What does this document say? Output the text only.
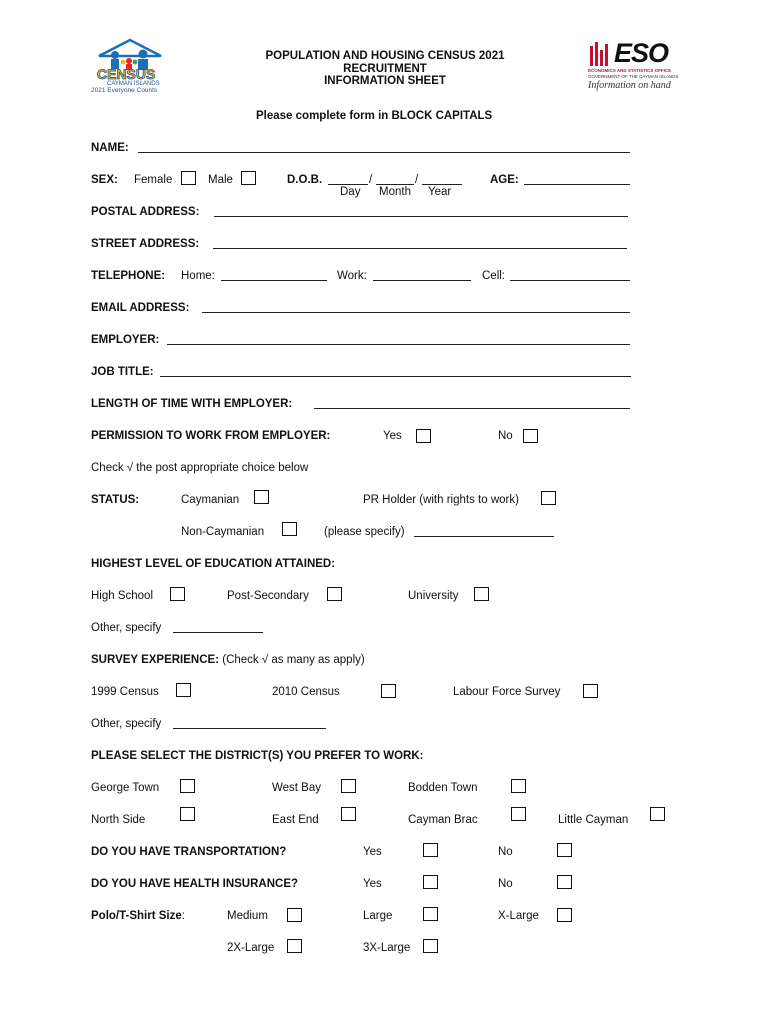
CENSUS
CAYMAN ISLANDS
2021 Everyone Counts
POPULATION AND HOUSING CENSUS 2021
RECRUITMENT
INFORMATION SHEET
ESO
ECONOMICS AND STATISTICS OFFICE
GOVERNMENT OF THE CAYMAN ISLANDS
Information on hand
Please complete form in BLOCK CAPITALS
NAME:
SEX: Female	Male	D.O.B.	/	/
Day Month Year
AGE:
POSTAL ADDRESS:
STREET ADDRESS:
TELEPHONE: Home:	Work:	Cell:
EMAIL ADDRESS:
EMPLOYER:
JOB TITLE:
LENGTH OF TIME WITH EMPLOYER:
PERMISSION TO WORK FROM EMPLOYER:	Yes	No
Check √ the post appropriate choice below
STATUS:	Caymanian	PR Holder (with rights to work)
Non-Caymanian	(please specify)
HIGHEST LEVEL OF EDUCATION ATTAINED:
High School	Post-Secondary	University
Other, specify
SURVEY EXPERIENCE: (Check √ as many as apply)
1999 Census	2010 Census	Labour Force Survey
Other, specify
PLEASE SELECT THE DISTRICT(S) YOU PREFER TO WORK:
George Town	West Bay	Bodden Town
North Side	East End	Cayman Brac	Little Cayman
DO YOU HAVE TRANSPORTATION?	Yes	No
DO YOU HAVE HEALTH INSURANCE?	Yes	No
Polo/T-Shirt Size:	Medium	Large	X-Large
2X-Large	3X-Large
